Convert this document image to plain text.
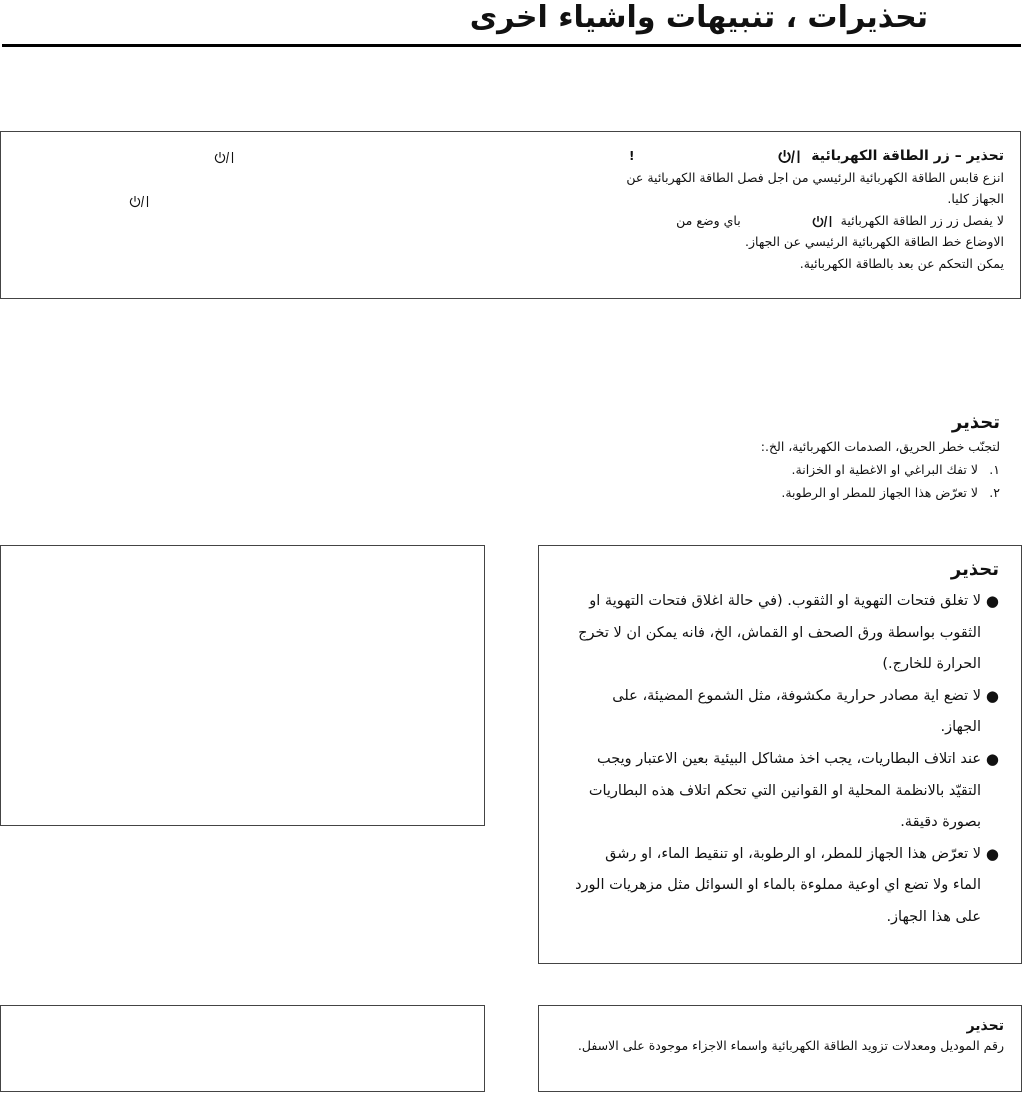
تحذيرات ، تنبيهات واشياء اخرى
!	تحذير – زر الطاقة الكهربائية
انزع قابس الطاقة الكهربائية الرئيسي من اجل فصل الطاقة الكهربائية عن
الجهاز كليا.
لا يفصل زر زر الطاقة الكهربائية   باي وضع من
الاوضاع خط الطاقة الكهربائية الرئيسي عن الجهاز.
يمكن التحكم عن بعد بالطاقة الكهربائية.
تحذير
لتجنّب خطر الحريق، الصدمات الكهربائية، الخ.:
١.لا تفك البراغي او الاغطية او الخزانة.
٢.لا تعرّض هذا الجهاز للمطر او الرطوبة.
تحذير
●
لا تغلق فتحات التهوية او الثقوب. (في حالة اغلاق فتحات التهوية او الثقوب بواسطة ورق الصحف او القماش، الخ، فانه يمكن ان لا تخرج الحرارة للخارج.)
●
لا تضع اية مصادر حرارية مكشوفة، مثل الشموع المضيئة، على الجهاز.
●
عند اتلاف البطاريات، يجب اخذ مشاكل البيئية بعين الاعتبار ويجب التقيّد بالانظمة المحلية او القوانين التي تحكم اتلاف هذه البطاريات بصورة دقيقة.
●
لا تعرّض هذا الجهاز للمطر، او الرطوبة، او تنقيط الماء، او رشق الماء ولا تضع اي اوعية مملوءة بالماء او السوائل مثل مزهريات الورد على هذا الجهاز.
تحذير
رقم الموديل ومعدلات تزويد الطاقة الكهربائية واسماء الاجزاء موجودة على الاسفل.
